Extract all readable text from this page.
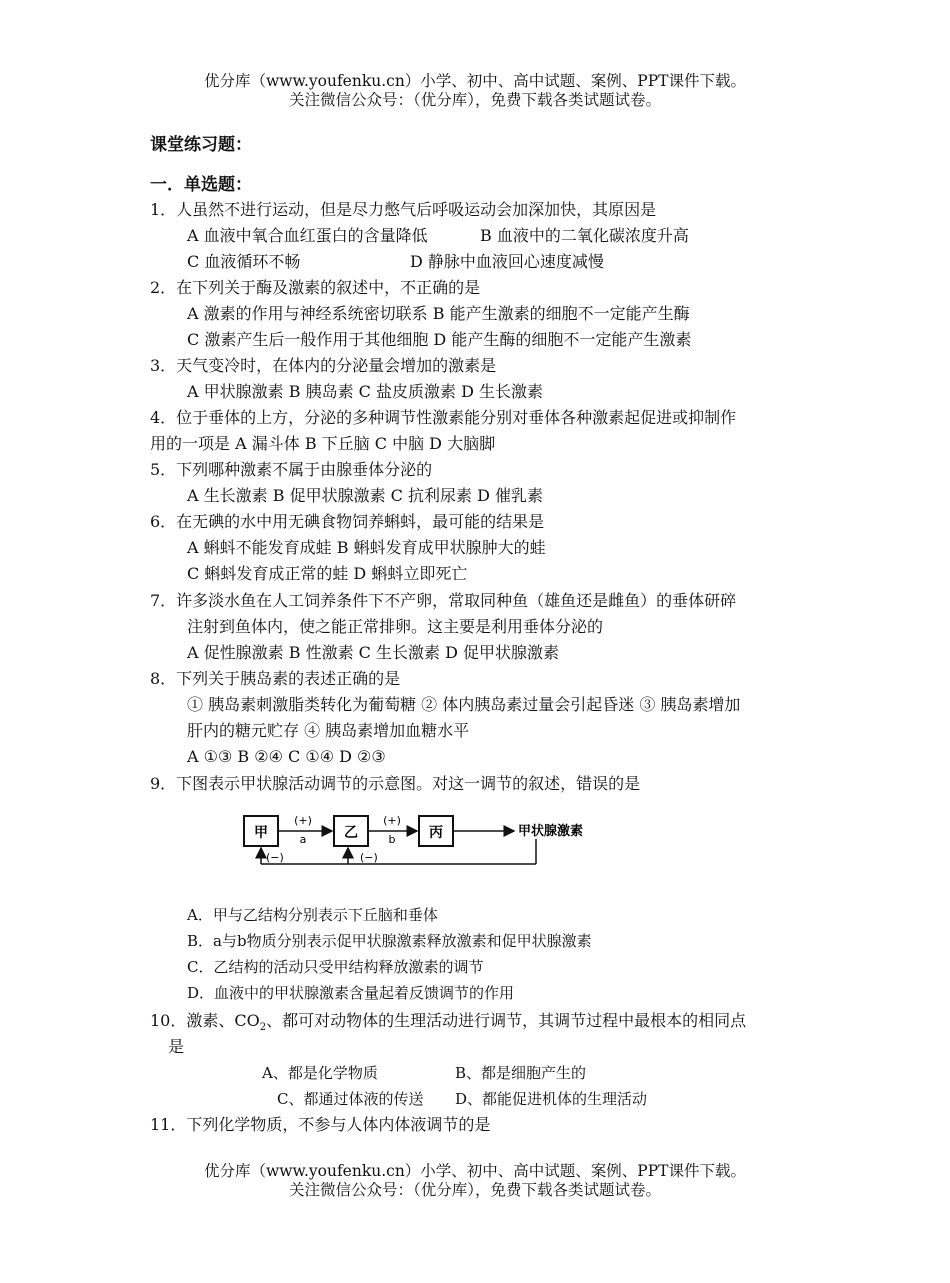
优分库（www.youfenku.cn）小学、初中、高中试题、案例、PPT课件下载。
关注微信公众号：（优分库），免费下载各类试题试卷。
课堂练习题：
一．单选题：
1．人虽然不进行运动，但是尽力憋气后呼吸运动会加深加快，其原因是
A 血液中氧合血红蛋白的含量降低	B 血液中的二氧化碳浓度升高
C 血液循环不畅	D 静脉中血液回心速度减慢
2．在下列关于酶及激素的叙述中，不正确的是
A 激素的作用与神经系统密切联系 B 能产生激素的细胞不一定能产生酶
C 激素产生后一般作用于其他细胞 D 能产生酶的细胞不一定能产生激素
3．天气变冷时，在体内的分泌量会增加的激素是
A 甲状腺激素 B 胰岛素 C 盐皮质激素 D 生长激素
4．位于垂体的上方，分泌的多种调节性激素能分别对垂体各种激素起促进或抑制作
用的一项是 A 漏斗体 B 下丘脑 C 中脑 D 大脑脚
5．下列哪种激素不属于由腺垂体分泌的
A 生长激素 B 促甲状腺激素 C 抗利尿素 D 催乳素
6．在无碘的水中用无碘食物饲养蝌蚪，最可能的结果是
A 蝌蚪不能发育成蛙 B 蝌蚪发育成甲状腺肿大的蛙
C 蝌蚪发育成正常的蛙 D 蝌蚪立即死亡
7．许多淡水鱼在人工饲养条件下不产卵，常取同种鱼（雄鱼还是雌鱼）的垂体研碎
注射到鱼体内，使之能正常排卵。这主要是利用垂体分泌的
A 促性腺激素 B 性激素 C 生长激素 D 促甲状腺激素
8．下列关于胰岛素的表述正确的是
① 胰岛素刺激脂类转化为葡萄糖 ② 体内胰岛素过量会引起昏迷 ③ 胰岛素增加
肝内的糖元贮存 ④ 胰岛素增加血糖水平
A ①③ B ②④ C ①④ D ②③
9．下图表示甲状腺活动调节的示意图。对这一调节的叙述，错误的是
甲	乙	丙
(+)
a
(+)
b
甲状腺激素
(−)	(−)
A．甲与乙结构分别表示下丘脑和垂体
B．a与b物质分别表示促甲状腺激素释放激素和促甲状腺激素
C．乙结构的活动只受甲结构释放激素的调节
D．血液中的甲状腺激素含量起着反馈调节的作用
10．激素、$CO_2$、都可对动物体的生理活动进行调节，其调节过程中最根本的相同点
是
A、都是化学物质	B、都是细胞产生的
C、都通过体液的传送 D、都能促进机体的生理活动
11．下列化学物质，不参与人体内体液调节的是
优分库（www.youfenku.cn）小学、初中、高中试题、案例、PPT课件下载。
关注微信公众号：（优分库），免费下载各类试题试卷。
